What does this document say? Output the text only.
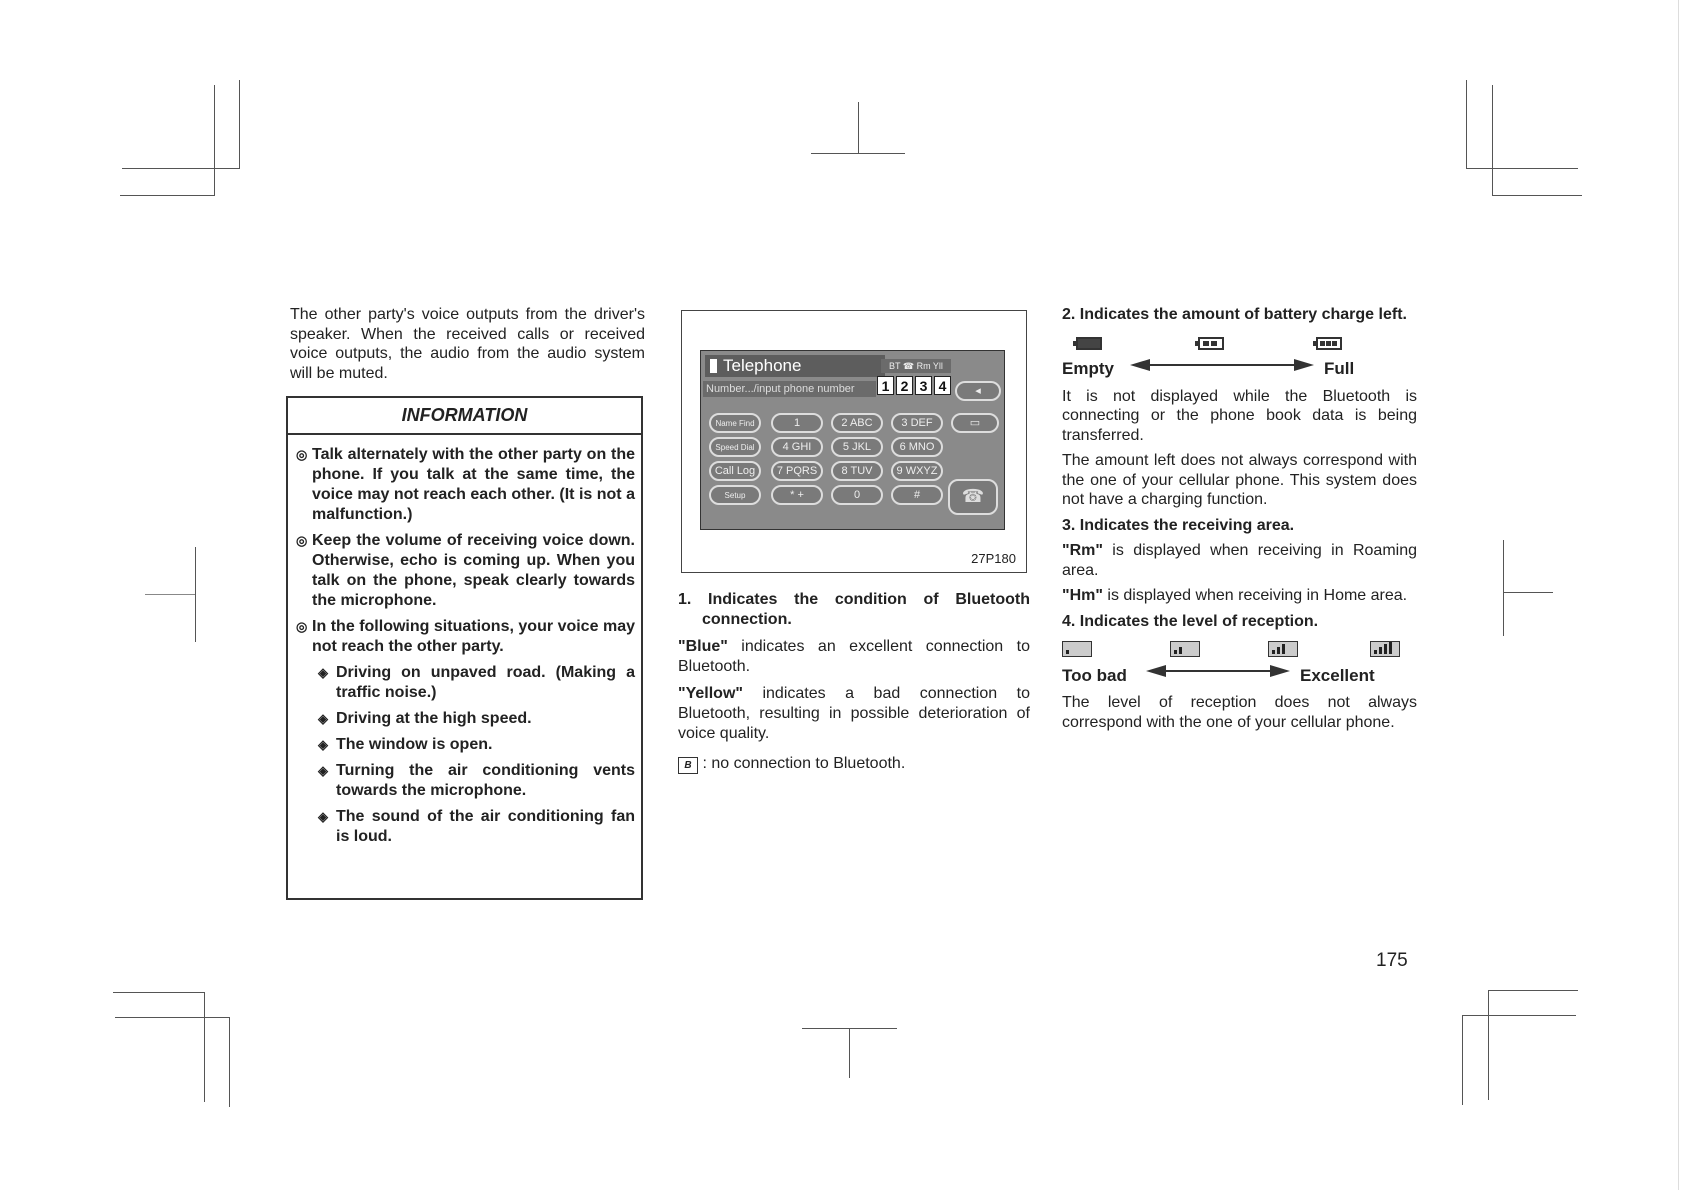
The other party's voice outputs from the driver's speaker. When the received calls or received voice outputs, the audio from the audio system will be muted.
INFORMATION
◎ Talk alternately with the other party on the phone. If you talk at the same time, the voice may not reach each other. (It is not a malfunction.)
◎ Keep the volume of receiving voice down. Otherwise, echo is coming up. When you talk on the phone, speak clearly towards the microphone.
◎ In the following situations, your voice may not reach the other party.
◈ Driving on unpaved road. (Making a traffic noise.)
◈ Driving at the high speed.
◈ The window is open.
◈ Turning the air conditioning vents towards the microphone.
◈ The sound of the air conditioning fan is loud.
Telephone	BT ☎ Rm Yll
Number.../input phone number	1 2 3 4	◂
Name Find	1	2 ABC	3 DEF	▭
Speed Dial	4 GHI	5 JKL	6 MNO
Call Log	7 PQRS	8 TUV	9 WXYZ
Setup	* +	0	#	☎
27P180

1. Indicates the condition of Bluetooth connection.

"Blue" indicates an excellent connection to Bluetooth.

"Yellow" indicates a bad connection to Bluetooth, resulting in possible deterioration of voice quality.

B : no connection to Bluetooth.

2. Indicates the amount of battery charge left.

Empty	Full

It is not displayed while the Bluetooth is connecting or the phone book data is being transferred.

The amount left does not always correspond with the one of your cellular phone. This system does not have a charging function.

3. Indicates the receiving area.

"Rm" is displayed when receiving in Roaming area.

"Hm" is displayed when receiving in Home area.

4. Indicates the level of reception.

Too bad	Excellent

The level of reception does not always correspond with the one of your cellular phone.

175
